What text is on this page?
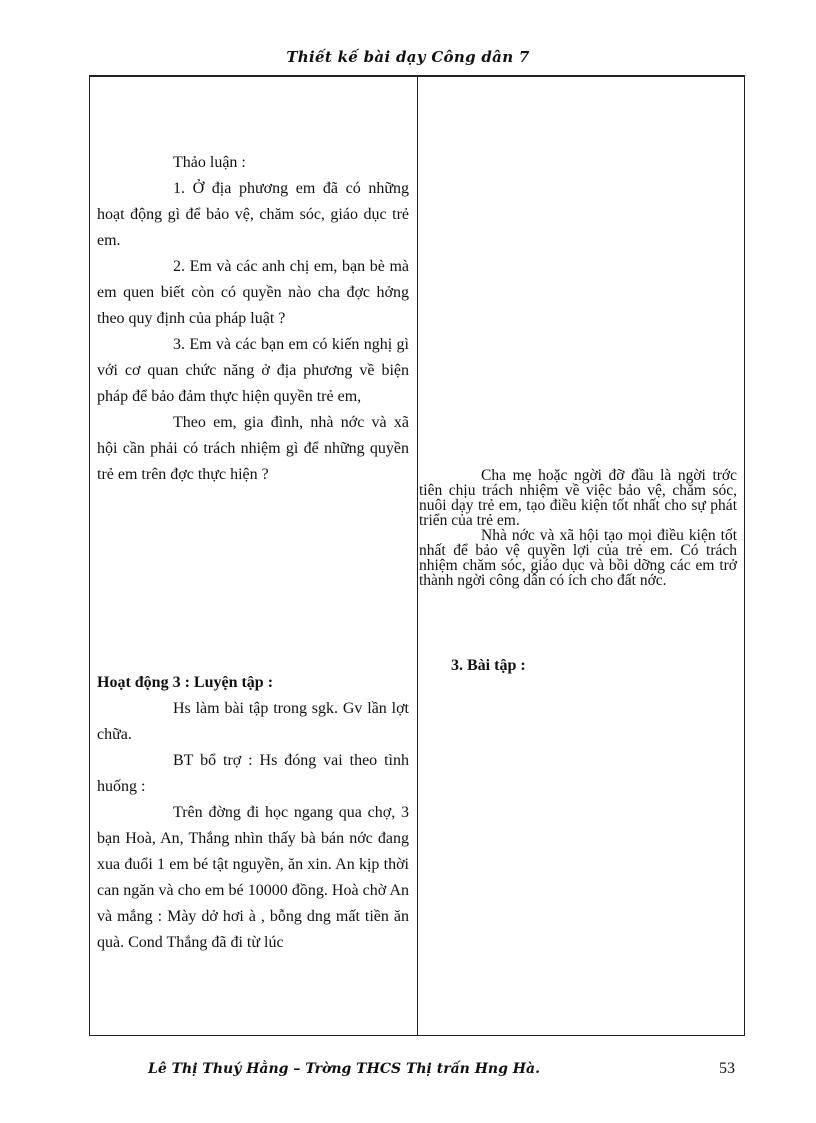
Thiết kế bài dạy Công dân 7

Thảo luận :

1. Ở địa phương em đã có những hoạt động gì để bảo vệ, chăm sóc, giáo dục trẻ em.

2. Em và các anh chị em, bạn bè mà em quen biết còn có quyền nào cha đợc hởng theo quy định của pháp luật ?

3. Em và các bạn em có kiến nghị gì với cơ quan chức năng ở địa phương về biện pháp để bảo đảm thực hiện quyền trẻ em,

Theo em, gia đình, nhà nớc và xã hội cần phải có trách nhiệm gì để những quyền trẻ em trên đợc thực hiện ?

Hoạt động 3 : Luyện tập :

Hs làm bài tập trong sgk. Gv lần lợt chữa.

BT bổ trợ : Hs đóng vai theo tình huống :

Trên đờng đi học ngang qua chợ, 3 bạn Hoà, An, Thắng nhìn thấy bà bán nớc đang xua đuổi 1 em bé tật nguyền, ăn xin. An kịp thời can ngăn và cho em bé 10000 đồng. Hoà chờ An và mắng : Mày dở hơi à , bỗng dng mất tiền ăn quà. Cond Thắng đã đi từ lúc

Cha mẹ hoặc ngời đỡ đầu là ngời trớc tiên chịu trách nhiệm về việc bảo vệ, chăm sóc, nuôi dạy trẻ em, tạo điều kiện tốt nhất cho sự phát triển của trẻ em.

Nhà nớc và xã hội tạo mọi điều kiện tốt nhất để bảo vệ quyền lợi của trẻ em. Có trách nhiệm chăm sóc, giáo dục và bồi dỡng các em trở thành ngời công dân có ích cho đất nớc.

3. Bài tập :
Lê Thị Thuý Hằng – Trờng THCS Thị trấn Hng Hà.	53
